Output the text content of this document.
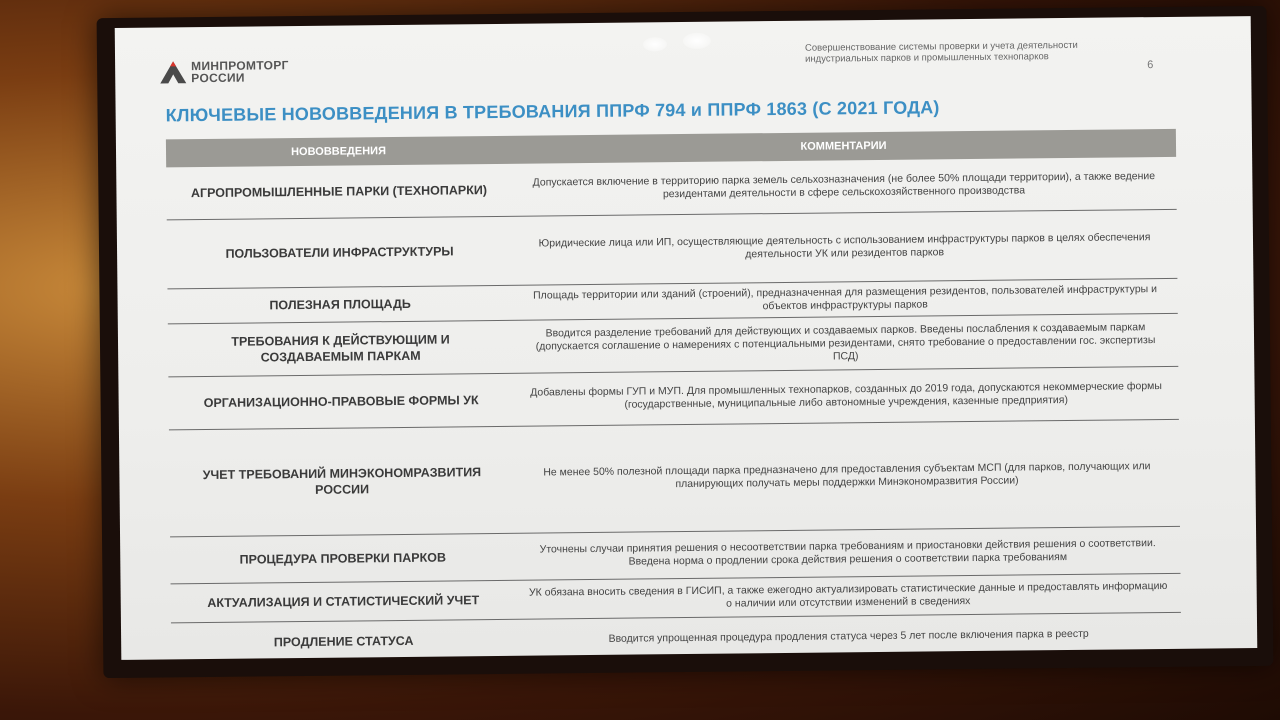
МИНПРОМТОРГ
РОССИИ
Совершенствование системы проверки и учета деятельности индустриальных парков и промышленных технопарков
6
КЛЮЧЕВЫЕ НОВОВВЕДЕНИЯ В ТРЕБОВАНИЯ ППРФ 794 и ППРФ 1863 (С 2021 ГОДА)
НОВОВВЕДЕНИЯ	КОММЕНТАРИИ
АГРОПРОМЫШЛЕННЫЕ ПАРКИ (ТЕХНОПАРКИ)
Допускается включение в территорию парка земель сельхозназначения (не более 50% площади территории), а также ведение резидентами деятельности в сфере сельскохозяйственного производства
ПОЛЬЗОВАТЕЛИ ИНФРАСТРУКТУРЫ
Юридические лица или ИП, осуществляющие деятельность с использованием инфраструктуры парков в целях обеспечения деятельности УК или резидентов парков
ПОЛЕЗНАЯ ПЛОЩАДЬ
Площадь территории или зданий (строений), предназначенная для размещения резидентов, пользователей инфраструктуры и объектов инфраструктуры парков
ТРЕБОВАНИЯ К ДЕЙСТВУЮЩИМ И СОЗДАВАЕМЫМ ПАРКАМ
Вводится разделение требований для действующих и создаваемых парков. Введены послабления к создаваемым паркам (допускается соглашение о намерениях с потенциальными резидентами, снято требование о предоставлении гос. экспертизы ПСД)
ОРГАНИЗАЦИОННО-ПРАВОВЫЕ ФОРМЫ УК
Добавлены формы ГУП и МУП. Для промышленных технопарков, созданных до 2019 года, допускаются некоммерческие формы (государственные, муниципальные либо автономные учреждения, казенные предприятия)
УЧЕТ ТРЕБОВАНИЙ МИНЭКОНОМРАЗВИТИЯ РОССИИ
Не менее 50% полезной площади парка предназначено для предоставления субъектам МСП (для парков, получающих или планирующих получать меры поддержки Минэкономразвития России)
ПРОЦЕДУРА ПРОВЕРКИ ПАРКОВ
Уточнены случаи принятия решения о несоответствии парка требованиям и приостановки действия решения о соответствии. Введена норма о продлении срока действия решения о соответствии парка требованиям
АКТУАЛИЗАЦИЯ И СТАТИСТИЧЕСКИЙ УЧЕТ
УК обязана вносить сведения в ГИСИП, а также ежегодно актуализировать статистические данные и предоставлять информацию о наличии или отсутствии изменений в сведениях
ПРОДЛЕНИЕ СТАТУСА	Вводится упрощенная процедура продления статуса через 5 лет после включения парка в реестр
